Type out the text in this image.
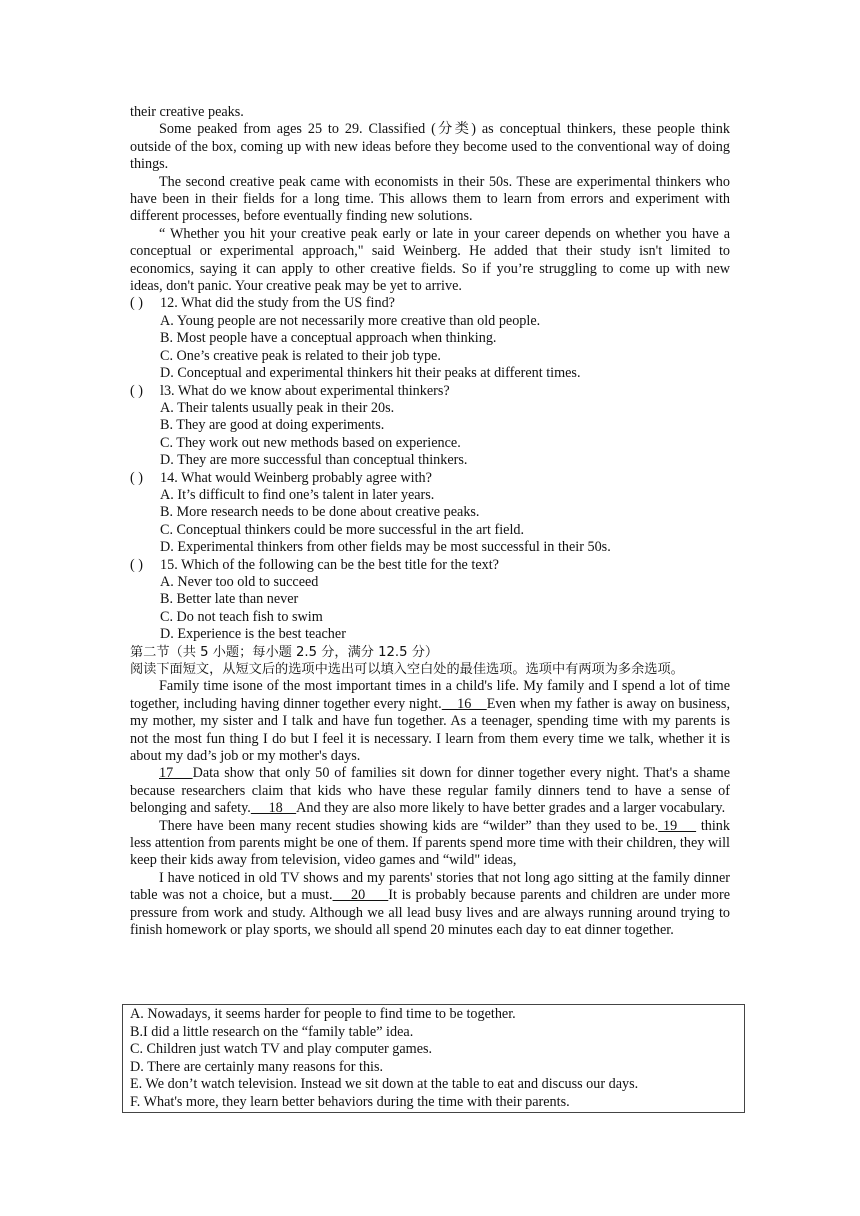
their creative peaks.

Some peaked from ages 25 to 29. Classified (分类) as conceptual thinkers, these people think outside of the box, coming up with new ideas before they become used to the conventional way of doing things.

The second creative peak came with economists in their 50s. These are experimental thinkers who have been in their fields for a long time. This allows them to learn from errors and experiment with different processes, before eventually finding new solutions.

“ Whether you hit your creative peak early or late in your career depends on whether you have a conceptual or experimental approach," said Weinberg. He added that their study isn't limited to economics, saying it can apply to other creative fields. So if you’re struggling to come up with new ideas, don't panic. Your creative peak may be yet to arrive.

( ) 12. What did the study from the US find?
A. Young people are not necessarily more creative than old people.
B. Most people have a conceptual approach when thinking.
C. One’s creative peak is related to their job type.
D. Conceptual and experimental thinkers hit their peaks at different times.
( ) l3. What do we know about experimental thinkers?
A. Their talents usually peak in their 20s.
B. They are good at doing experiments.
C. They work out new methods based on experience.
D. They are more successful than conceptual thinkers.
( ) 14. What would Weinberg probably agree with?
A. It’s difficult to find one’s talent in later years.
B. More research needs to be done about creative peaks.
C. Conceptual thinkers could be more successful in the art field.
D. Experimental thinkers from other fields may be most successful in their 50s.
( ) 15. Which of the following can be the best title for the text?
A. Never too old to succeed
B. Better late than never
C. Do not teach fish to swim
D. Experience is the best teacher

第二节（共 5 小题；每小题 2.5 分，满分 12.5 分）

阅读下面短文，从短文后的选项中选出可以填入空白处的最佳选项。选项中有两项为多余选项。

Family time isone of the most important times in a child's life. My family and I spend a lot of time together, including having dinner together every night.    16    Even when my father is away on business, my mother, my sister and I talk and have fun together. As a teenager, spending time with my parents is not the most fun thing I do but I feel it is necessary. I learn from them every time we talk, whether it is about my dad’s job or my mother's days.

17    Data show that only 50 of families sit down for dinner together every night. That's a shame because researchers claim that kids who have these regular family dinners tend to have a sense of belonging and safety.     18    And they are also more likely to have better grades and a larger vocabulary.

There have been many recent studies showing kids are “wilder” than they used to be. 19     think less attention from parents might be one of them. If parents spend more time with their children, they will keep their kids away from television, video games and “wild" ideas,

I have noticed in old TV shows and my parents' stories that not long ago sitting at the family dinner table was not a choice, but a must.    20     It is probably because parents and children are under more pressure from work and study. Although we all lead busy lives and are always running around trying to finish homework or play sports, we should all spend 20 minutes each day to eat dinner together.

A. Nowadays, it seems harder for people to find time to be together.
B.I did a little research on the “family table” idea.
C. Children just watch TV and play computer games.
D. There are certainly many reasons for this.
E. We don’t watch television. Instead we sit down at the table to eat and discuss our days.
F. What's more, they learn better behaviors during the time with their parents.
